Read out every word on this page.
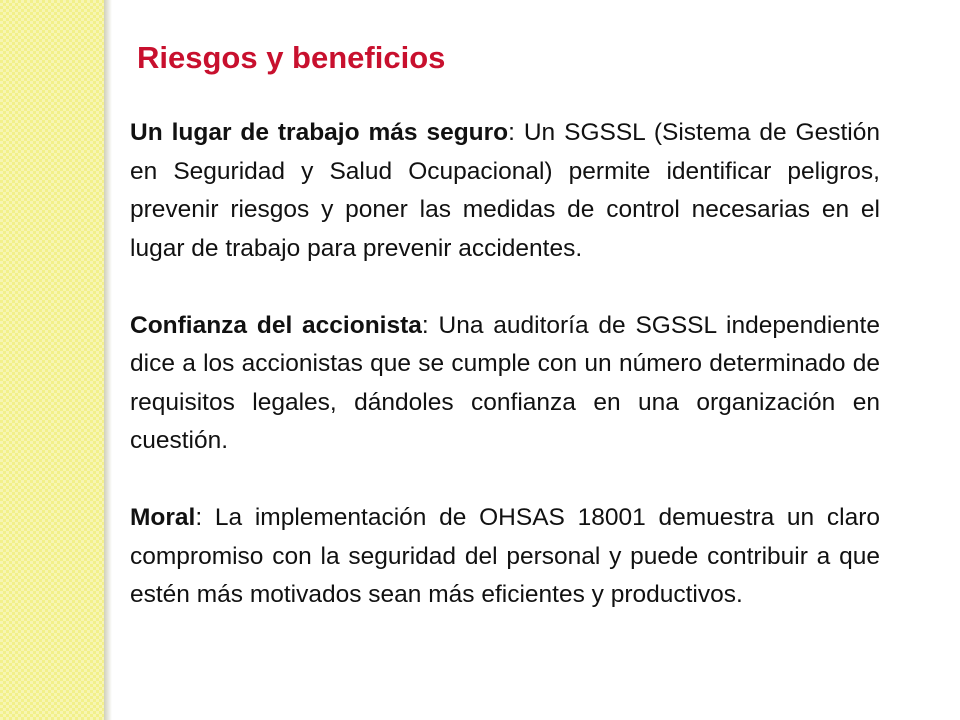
Riesgos y beneficios

Un lugar de trabajo más seguro: Un SGSSL (Sistema de Gestión en Seguridad y Salud Ocupacional) permite identificar peligros, prevenir riesgos y poner las medidas de control necesarias en el lugar de trabajo para prevenir accidentes.

Confianza del accionista: Una auditoría de SGSSL independiente dice a los accionistas que se cumple con un número determinado de requisitos legales, dándoles confianza en una organización en cuestión.

Moral: La implementación de OHSAS 18001 demuestra un claro compromiso con la seguridad del personal y puede contribuir a que estén más motivados sean más eficientes y productivos.
